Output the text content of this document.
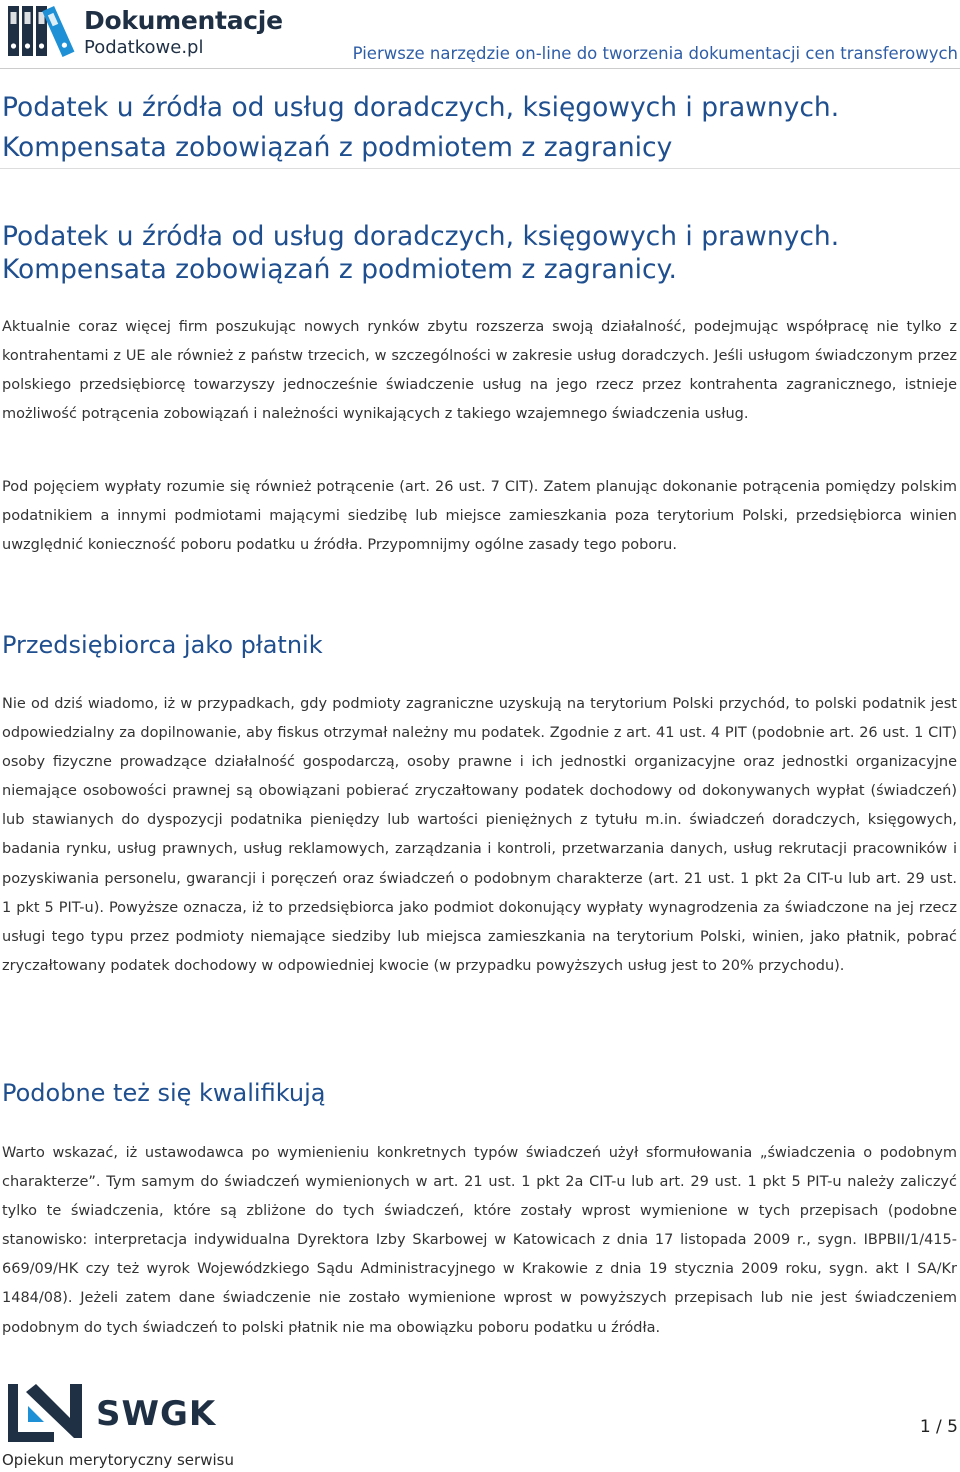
Dokumentacje
Podatkowe.pl	Pierwsze narzędzie on-line do tworzenia dokumentacji cen transferowych
Podatek u źródła od usług doradczych, księgowych i prawnych. Kompensata zobowiązań z podmiotem z zagranicy
Podatek u źródła od usług doradczych, księgowych i prawnych. Kompensata zobowiązań z podmiotem z zagranicy.

Aktualnie coraz więcej firm poszukując nowych rynków zbytu rozszerza swoją działalność, podejmując współpracę nie tylko z kontrahentami z UE ale również z państw trzecich, w szczególności w zakresie usług doradczych. Jeśli usługom świadczonym przez polskiego przedsiębiorcę towarzyszy jednocześnie świadczenie usług na jego rzecz przez kontrahenta zagranicznego, istnieje możliwość potrącenia zobowiązań i należności wynikających z takiego wzajemnego świadczenia usług.

Pod pojęciem wypłaty rozumie się również potrącenie (art. 26 ust. 7 CIT). Zatem planując dokonanie potrącenia pomiędzy polskim podatnikiem a innymi podmiotami mającymi siedzibę lub miejsce zamieszkania poza terytorium Polski, przedsiębiorca winien uwzględnić konieczność poboru podatku u źródła. Przypomnijmy ogólne zasady tego poboru.

Przedsiębiorca jako płatnik

Nie od dziś wiadomo, iż w przypadkach, gdy podmioty zagraniczne uzyskują na terytorium Polski przychód, to polski podatnik jest odpowiedzialny za dopilnowanie, aby fiskus otrzymał należny mu podatek. Zgodnie z art. 41 ust. 4 PIT (podobnie art. 26 ust. 1 CIT) osoby fizyczne prowadzące działalność gospodarczą, osoby prawne i ich jednostki organizacyjne oraz jednostki organizacyjne niemające osobowości prawnej są obowiązani pobierać zryczałtowany podatek dochodowy od dokonywanych wypłat (świadczeń) lub stawianych do dyspozycji podatnika pieniędzy lub wartości pieniężnych z tytułu m.in. świadczeń doradczych, księgowych, badania rynku, usług prawnych, usług reklamowych, zarządzania i kontroli, przetwarzania danych, usług rekrutacji pracowników i pozyskiwania personelu, gwarancji i poręczeń oraz świadczeń o podobnym charakterze (art. 21 ust. 1 pkt 2a CIT-u lub art. 29 ust. 1 pkt 5 PIT-u). Powyższe oznacza, iż to przedsiębiorca jako podmiot dokonujący wypłaty wynagrodzenia za świadczone na jej rzecz usługi tego typu przez podmioty niemające siedziby lub miejsca zamieszkania na terytorium Polski, winien, jako płatnik, pobrać zryczałtowany podatek dochodowy w odpowiedniej kwocie (w przypadku powyższych usług jest to 20% przychodu).

Podobne też się kwalifikują

Warto wskazać, iż ustawodawca po wymienieniu konkretnych typów świadczeń użył sformułowania „świadczenia o podobnym charakterze”. Tym samym do świadczeń wymienionych w art. 21 ust. 1 pkt 2a CIT-u lub art. 29 ust. 1 pkt 5 PIT-u należy zaliczyć tylko te świadczenia, które są zbliżone do tych świadczeń, które zostały wprost wymienione w tych przepisach (podobne stanowisko: interpretacja indywidualna Dyrektora Izby Skarbowej w Katowicach z dnia 17 listopada 2009 r., sygn. IBPBII/1/415-669/09/HK czy też wyrok Wojewódzkiego Sądu Administracyjnego w Krakowie z dnia 19 stycznia 2009 roku, sygn. akt I SA/Kr 1484/08). Jeżeli zatem dane świadczenie nie zostało wymienione wprost w powyższych przepisach lub nie jest świadczeniem podobnym do tych świadczeń to polski płatnik nie ma obowiązku poboru podatku u źródła.

SWGK
Opiekun merytoryczny serwisu
1 / 5
